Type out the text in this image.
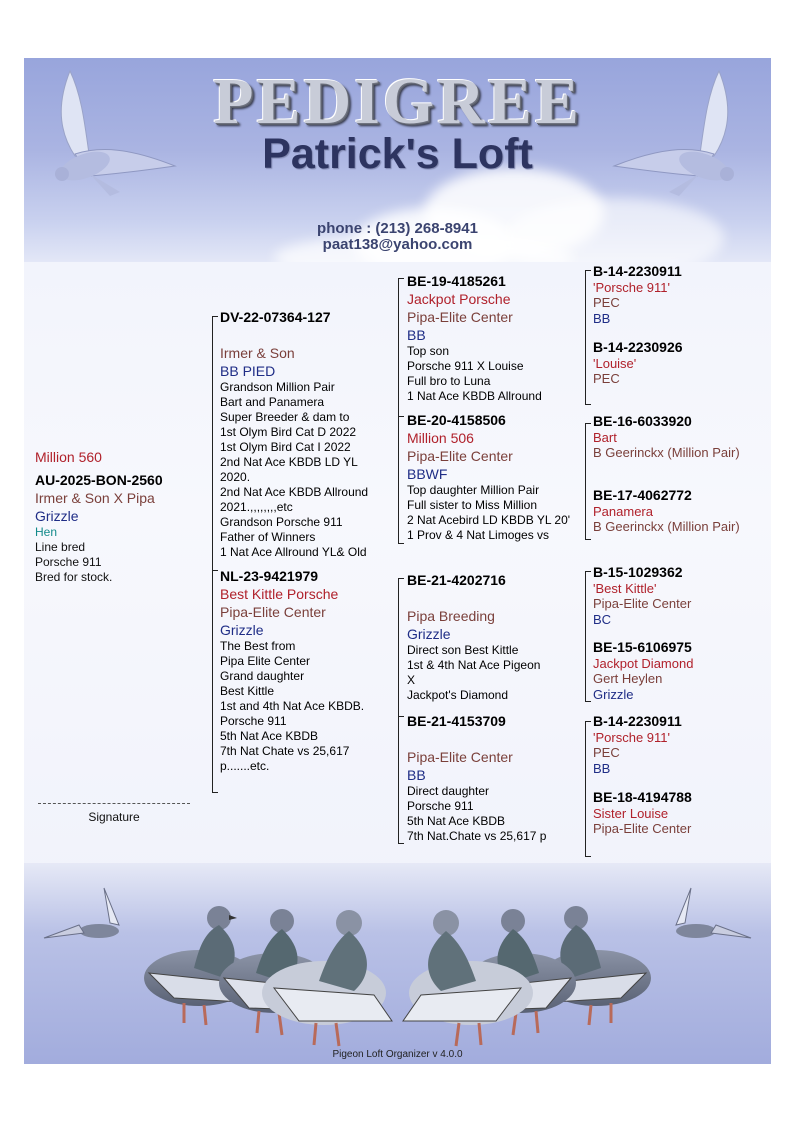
PEDIGREE
Patrick's Loft
phone : (213) 268-8941
paat138@yahoo.com
Million 560
AU-2025-BON-2560
Irmer & Son X Pipa
Grizzle
Hen
Line bred
Porsche 911
Bred for stock.
Signature
DV-22-07364-127
Irmer & Son
BB PIED
Grandson Million Pair
Bart and Panamera
Super Breeder & dam to
1st Olym Bird Cat D 2022
1st Olym Bird Cat I 2022
2nd Nat Ace KBDB LD YL
2020.
2nd Nat Ace KBDB Allround
2021.,,,,,,,,etc
Grandson Porsche 911
Father of Winners
1 Nat Ace Allround YL& Old
NL-23-9421979
Best Kittle Porsche
Pipa-Elite Center
Grizzle
The Best from
Pipa Elite Center
Grand daughter
Best Kittle
1st and 4th Nat Ace KBDB.
Porsche 911
5th Nat Ace KBDB
7th Nat Chate vs 25,617
p.......etc.
BE-19-4185261
Jackpot Porsche
Pipa-Elite Center
BB
Top son
Porsche 911 X Louise
Full bro to Luna
1 Nat Ace KBDB Allround
BE-20-4158506
Million 506
Pipa-Elite Center
BBWF
Top daughter Million Pair
Full sister to Miss Million
2 Nat Acebird LD KBDB YL 20'
1 Prov & 4 Nat Limoges vs
BE-21-4202716
Pipa Breeding
Grizzle
Direct son Best Kittle
1st & 4th Nat Ace Pigeon
X
Jackpot's Diamond
BE-21-4153709
Pipa-Elite Center
BB
Direct daughter
Porsche 911
5th Nat Ace KBDB
7th Nat.Chate vs 25,617 p
B-14-2230911
'Porsche 911'
PEC
BB
B-14-2230926
'Louise'
PEC
BE-16-6033920
Bart
B Geerinckx (Million Pair)
BE-17-4062772
Panamera
B Geerinckx (Million Pair)
B-15-1029362
'Best Kittle'
Pipa-Elite Center
BC
BE-15-6106975
Jackpot Diamond
Gert Heylen
Grizzle
B-14-2230911
'Porsche 911'
PEC
BB
BE-18-4194788
Sister Louise
Pipa-Elite Center
Pigeon Loft Organizer v 4.0.0
